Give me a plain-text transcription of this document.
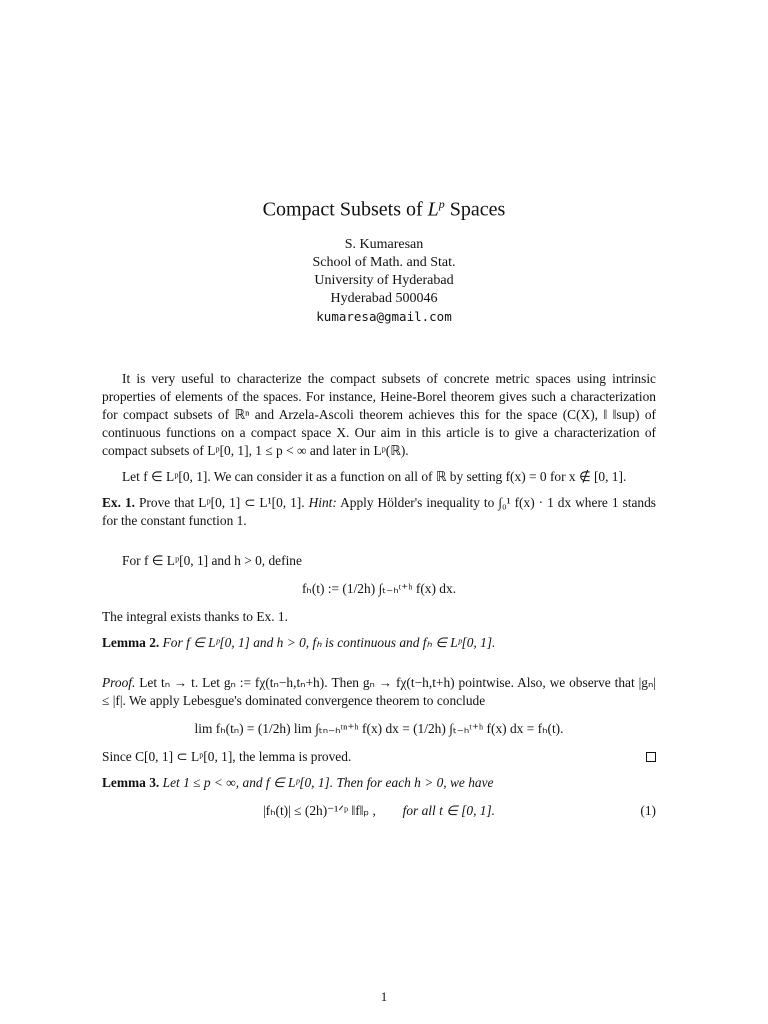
Compact Subsets of $L^p$ Spaces
S. Kumaresan
School of Math. and Stat.
University of Hyderabad
Hyderabad 500046
kumaresa@gmail.com

It is very useful to characterize the compact subsets of concrete metric spaces using intrinsic properties of elements of the spaces. For instance, Heine-Borel theorem gives such a characterization for compact subsets of ℝⁿ and Arzela-Ascoli theorem achieves this for the space (C(X), ‖ ‖sup) of continuous functions on a compact space X. Our aim in this article is to give a characterization of compact subsets of Lᵖ[0, 1], 1 ≤ p < ∞ and later in Lᵖ(ℝ).

Let f ∈ Lᵖ[0, 1]. We can consider it as a function on all of ℝ by setting f(x) = 0 for x ∉ [0, 1].

Ex. 1. Prove that Lᵖ[0, 1] ⊂ L¹[0, 1]. Hint: Apply Hölder's inequality to ∫₀¹ f(x) · 1 dx where 1 stands for the constant function 1.

For f ∈ Lᵖ[0, 1] and h > 0, define

fₕ(t) := (1/2h) ∫ₜ₋ₕᵗ⁺ʰ f(x) dx.

The integral exists thanks to Ex. 1.

Lemma 2. For f ∈ Lᵖ[0, 1] and h > 0, fₕ is continuous and fₕ ∈ Lᵖ[0, 1].

Proof. Let tₙ → t. Let gₙ := fχ(tₙ−h,tₙ+h). Then gₙ → fχ(t−h,t+h) pointwise. Also, we observe that |gₙ| ≤ |f|. We apply Lebesgue's dominated convergence theorem to conclude

lim fₕ(tₙ) = (1/2h) lim ∫ₜₙ₋ₕᵗⁿ⁺ʰ f(x) dx = (1/2h) ∫ₜ₋ₕᵗ⁺ʰ f(x) dx = fₕ(t).

Since C[0, 1] ⊂ Lᵖ[0, 1], the lemma is proved.

Lemma 3. Let 1 ≤ p < ∞, and f ∈ Lᵖ[0, 1]. Then for each h > 0, we have

|fₕ(t)| ≤ (2h)⁻¹ᐟᵖ ‖f‖ₚ , for all t ∈ [0, 1].	(1)
1
